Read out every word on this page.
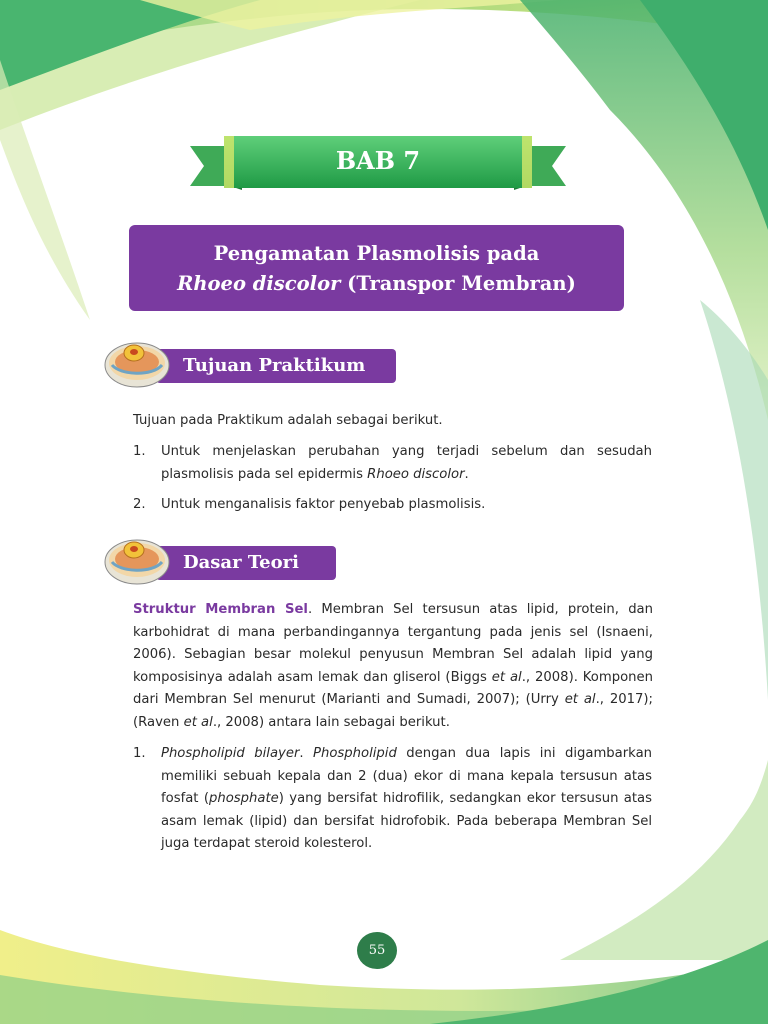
BAB 7
Pengamatan Plasmolisis pada
Rhoeo discolor (Transpor Membran)
Tujuan Praktikum
Tujuan pada Praktikum adalah sebagai berikut.
1. Untuk menjelaskan perubahan yang terjadi sebelum dan sesudah plasmolisis pada sel epidermis Rhoeo discolor.
2. Untuk menganalisis faktor penyebab plasmolisis.
Dasar Teori
Struktur Membran Sel. Membran Sel tersusun atas lipid, protein, dan karbohidrat di mana perbandingannya tergantung pada jenis sel (Isnaeni, 2006). Sebagian besar molekul penyusun Membran Sel adalah lipid yang komposisinya adalah asam lemak dan gliserol (Biggs et al., 2008). Komponen dari Membran Sel menurut (Marianti and Sumadi, 2007); (Urry et al., 2017); (Raven et al., 2008) antara lain sebagai berikut.
1. Phospholipid bilayer. Phospholipid dengan dua lapis ini digambarkan memiliki sebuah kepala dan 2 (dua) ekor di mana kepala tersusun atas fosfat (phosphate) yang bersifat hidrofilik, sedangkan ekor tersusun atas asam lemak (lipid) dan bersifat hidrofobik. Pada beberapa Membran Sel juga terdapat steroid kolesterol.
55
